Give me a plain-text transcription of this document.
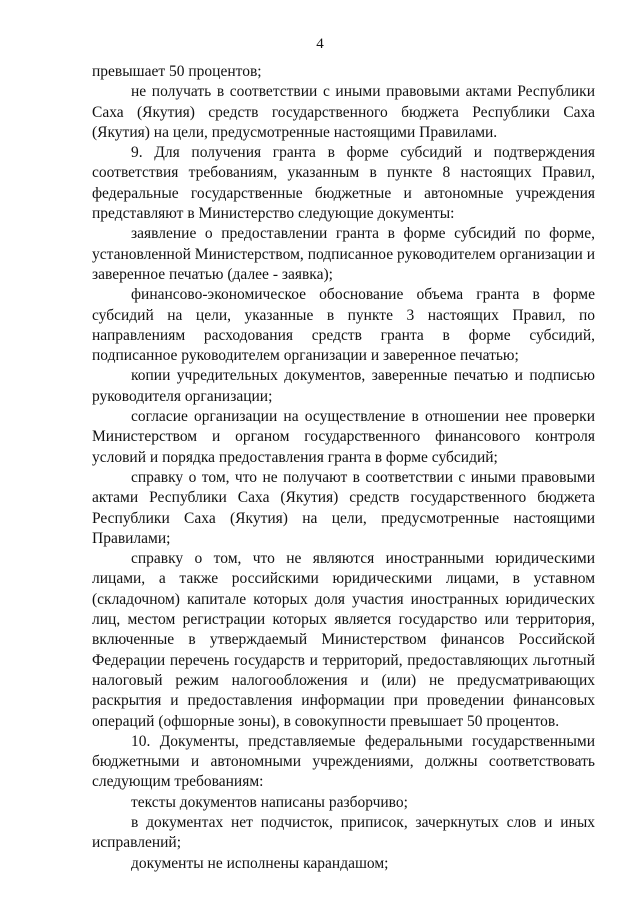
4

превышает 50 процентов;

не получать в соответствии с иными правовыми актами Республики Саха (Якутия) средств государственного бюджета Республики Саха (Якутия) на цели, предусмотренные настоящими Правилами.

9. Для получения гранта в форме субсидий и подтверждения соответствия требованиям, указанным в пункте 8 настоящих Правил, федеральные государственные бюджетные и автономные учреждения представляют в Министерство следующие документы:

заявление о предоставлении гранта в форме субсидий по форме, установленной Министерством, подписанное руководителем организации и заверенное печатью (далее - заявка);

финансово-экономическое обоснование объема гранта в форме субсидий на цели, указанные в пункте 3 настоящих Правил, по направлениям расходования средств гранта в форме субсидий, подписанное руководителем организации и заверенное печатью;

копии учредительных документов, заверенные печатью и подписью руководителя организации;

согласие организации на осуществление в отношении нее проверки Министерством и органом государственного финансового контроля условий и порядка предоставления гранта в форме субсидий;

справку о том, что не получают в соответствии с иными правовыми актами Республики Саха (Якутия) средств государственного бюджета Республики Саха (Якутия) на цели, предусмотренные настоящими Правилами;

справку о том, что не являются иностранными юридическими лицами, а также российскими юридическими лицами, в уставном (складочном) капитале которых доля участия иностранных юридических лиц, местом регистрации которых является государство или территория, включенные в утверждаемый Министерством финансов Российской Федерации перечень государств и территорий, предоставляющих льготный налоговый режим налогообложения и (или) не предусматривающих раскрытия и предоставления информации при проведении финансовых операций (офшорные зоны), в совокупности превышает 50 процентов.

10. Документы, представляемые федеральными государственными бюджетными и автономными учреждениями, должны соответствовать следующим требованиям:

тексты документов написаны разборчиво;

в документах нет подчисток, приписок, зачеркнутых слов и иных исправлений;

документы не исполнены карандашом;
